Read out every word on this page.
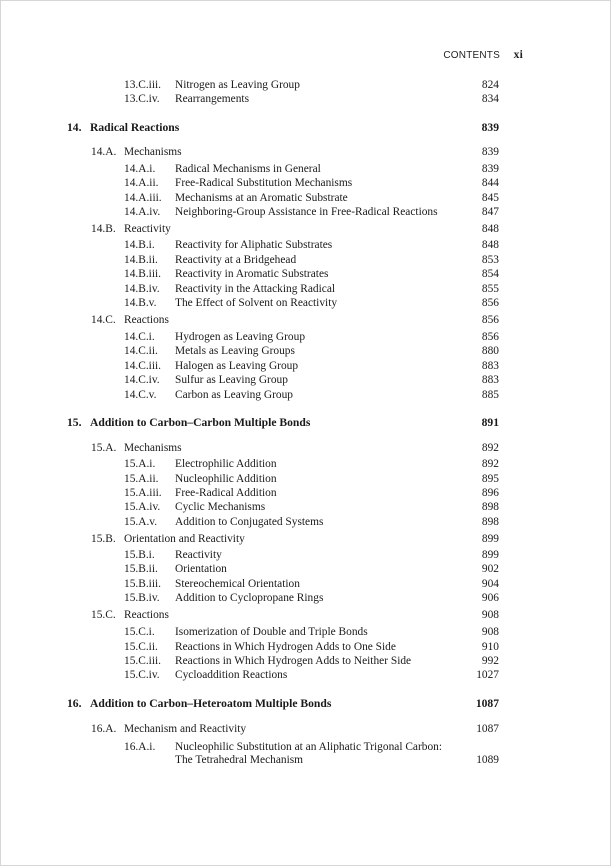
CONTENTS xi
13.C.iii. Nitrogen as Leaving Group	824
13.C.iv. Rearrangements	834
14. Radical Reactions	839
14.A. Mechanisms	839
14.A.i. Radical Mechanisms in General	839
14.A.ii. Free-Radical Substitution Mechanisms	844
14.A.iii. Mechanisms at an Aromatic Substrate	845
14.A.iv. Neighboring-Group Assistance in Free-Radical Reactions	847
14.B. Reactivity	848
14.B.i. Reactivity for Aliphatic Substrates	848
14.B.ii. Reactivity at a Bridgehead	853
14.B.iii. Reactivity in Aromatic Substrates	854
14.B.iv. Reactivity in the Attacking Radical	855
14.B.v. The Effect of Solvent on Reactivity	856
14.C. Reactions	856
14.C.i. Hydrogen as Leaving Group	856
14.C.ii. Metals as Leaving Groups	880
14.C.iii. Halogen as Leaving Group	883
14.C.iv. Sulfur as Leaving Group	883
14.C.v. Carbon as Leaving Group	885
15. Addition to Carbon–Carbon Multiple Bonds	891
15.A. Mechanisms	892
15.A.i. Electrophilic Addition	892
15.A.ii. Nucleophilic Addition	895
15.A.iii. Free-Radical Addition	896
15.A.iv. Cyclic Mechanisms	898
15.A.v. Addition to Conjugated Systems	898
15.B. Orientation and Reactivity	899
15.B.i. Reactivity	899
15.B.ii. Orientation	902
15.B.iii. Stereochemical Orientation	904
15.B.iv. Addition to Cyclopropane Rings	906
15.C. Reactions	908
15.C.i. Isomerization of Double and Triple Bonds	908
15.C.ii. Reactions in Which Hydrogen Adds to One Side	910
15.C.iii. Reactions in Which Hydrogen Adds to Neither Side	992
15.C.iv. Cycloaddition Reactions	1027
16. Addition to Carbon–Heteroatom Multiple Bonds	1087
16.A. Mechanism and Reactivity	1087
16.A.i. Nucleophilic Substitution at an Aliphatic Trigonal Carbon:
The Tetrahedral Mechanism	1089
